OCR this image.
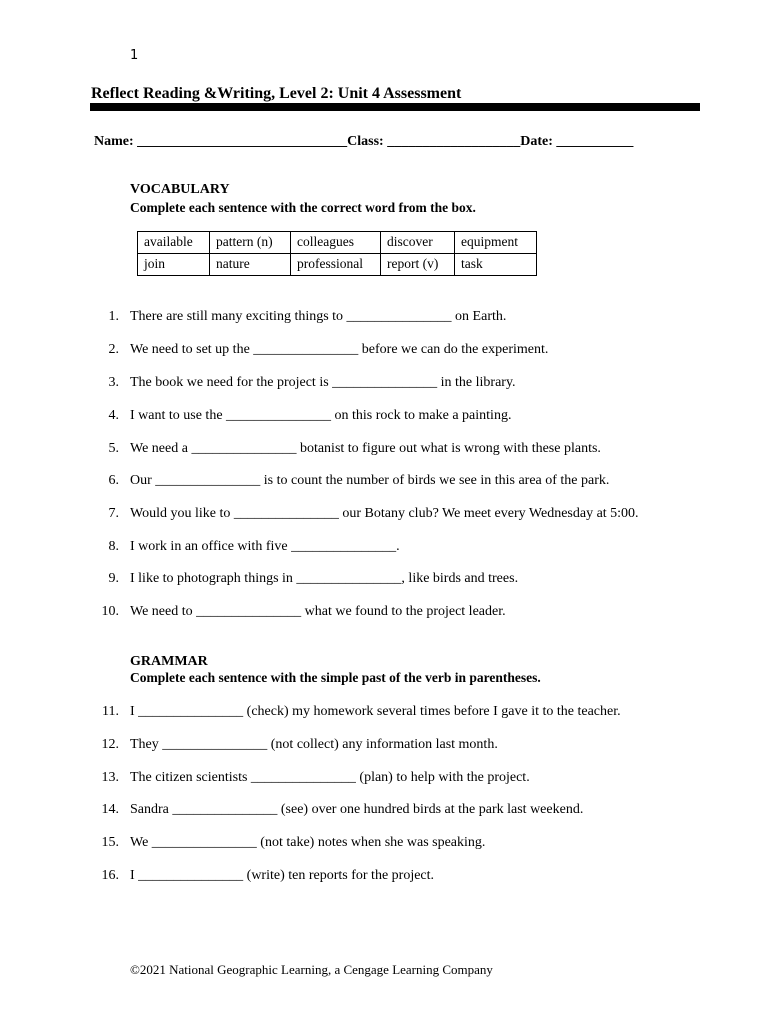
1
Reflect Reading &Writing, Level 2: Unit 4 Assessment
Name: ______________________________Class: ___________________Date: ___________
VOCABULARY
Complete each sentence with the correct word from the box.
available	pattern (n)	colleagues	discover	equipment
join	nature	professional	report (v)	task
1. There are still many exciting things to _______________ on Earth.
2. We need to set up the _______________ before we can do the experiment.
3. The book we need for the project is _______________ in the library.
4. I want to use the _______________ on this rock to make a painting.
5. We need a _______________ botanist to figure out what is wrong with these plants.
6. Our _______________ is to count the number of birds we see in this area of the park.
7. Would you like to _______________ our Botany club? We meet every Wednesday at 5:00.
8. I work in an office with five _______________.
9. I like to photograph things in _______________, like birds and trees.
10. We need to _______________ what we found to the project leader.
GRAMMAR
Complete each sentence with the simple past of the verb in parentheses.
11. I _______________ (check) my homework several times before I gave it to the teacher.
12. They _______________ (not collect) any information last month.
13. The citizen scientists _______________ (plan) to help with the project.
14. Sandra _______________ (see) over one hundred birds at the park last weekend.
15. We _______________ (not take) notes when she was speaking.
16. I _______________ (write) ten reports for the project.
©2021 National Geographic Learning, a Cengage Learning Company
